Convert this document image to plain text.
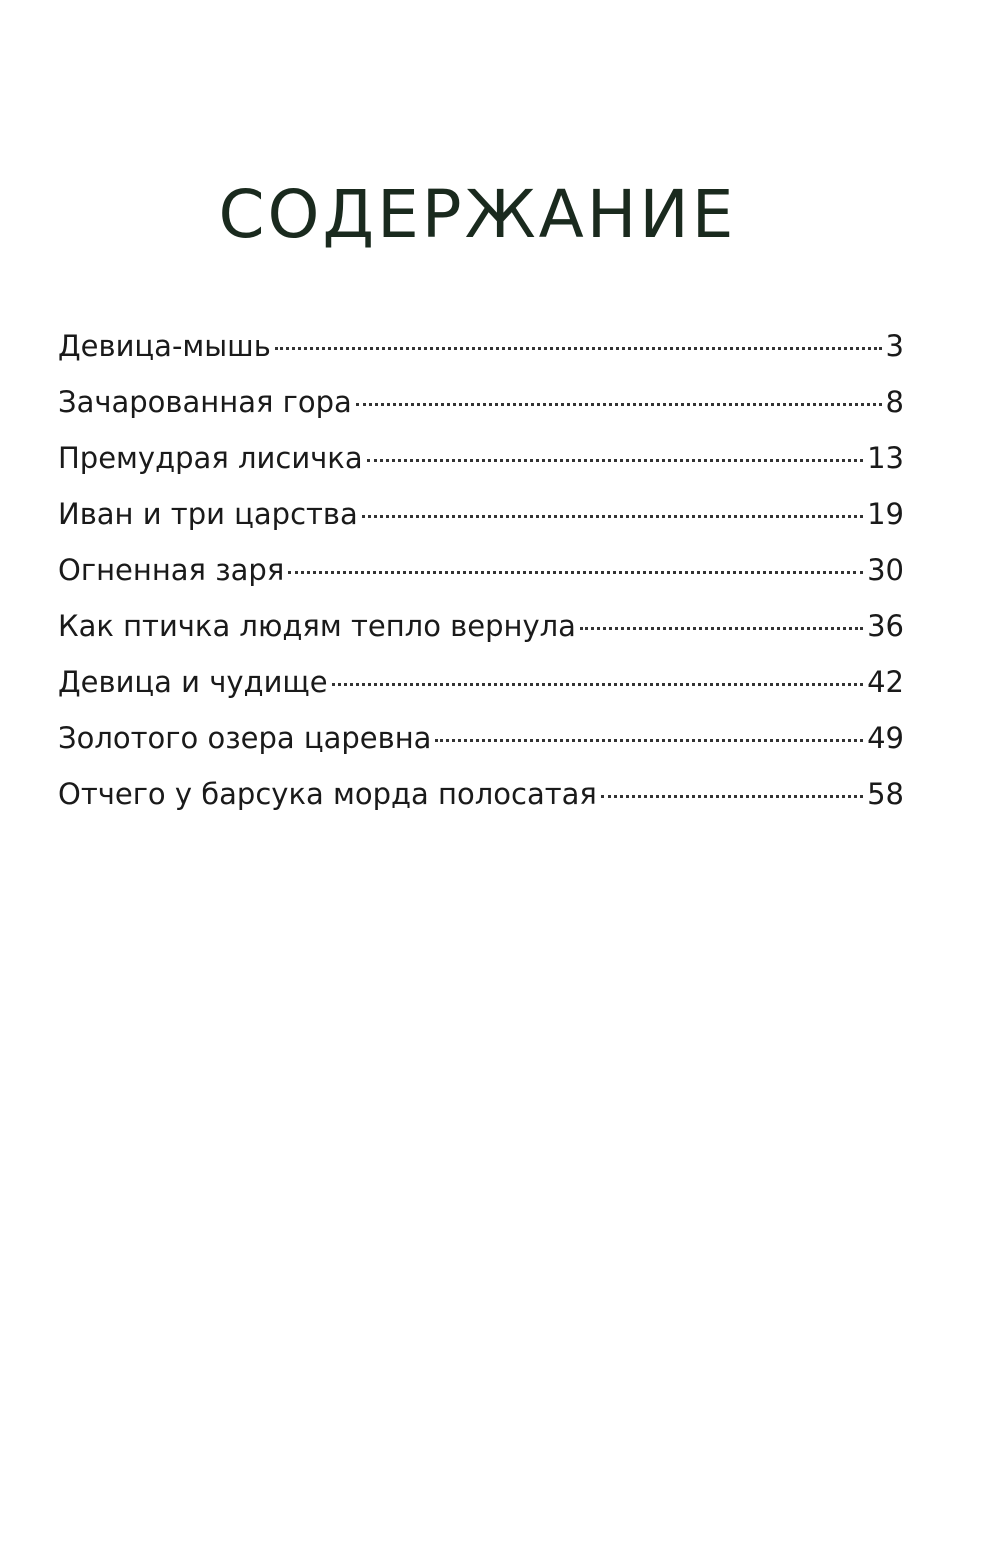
СОДЕРЖАНИЕ
Девица-мышь	3
Зачарованная гора	8
Премудрая лисичка	13
Иван и три царства	19
Огненная заря	30
Как птичка людям тепло вернула	36
Девица и чудище	42
Золотого озера царевна	49
Отчего у барсука морда полосатая	58
